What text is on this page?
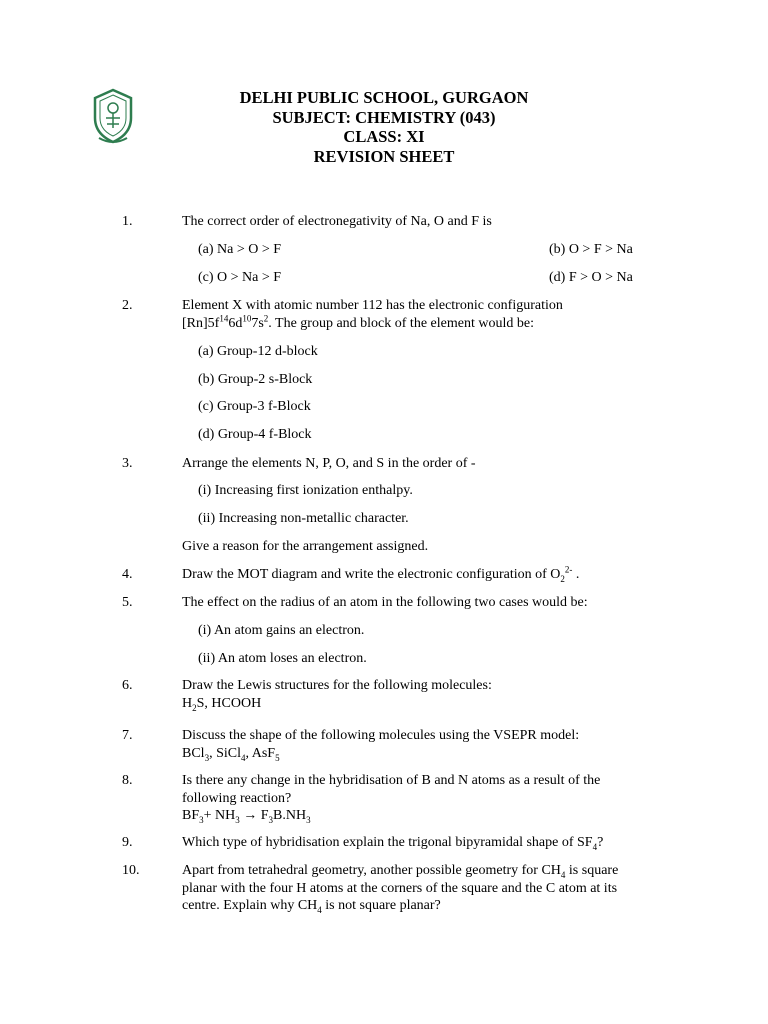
DELHI PUBLIC SCHOOL, GURGAON
SUBJECT: CHEMISTRY (043)
CLASS: XI
REVISION SHEET
1.	The correct order of electronegativity of Na, O and F is
(a) Na > O > F	(b) O > F > Na
(c) O > Na > F	(d) F > O > Na
2.	Element X with atomic number 112 has the electronic configuration
$[Rn]5f^{14}6d^{10}7s^2$. The group and block of the element would be:
(a) Group-12 d-block
(b) Group-2 s-Block
(c) Group-3 f-Block
(d) Group-4 f-Block
3.	Arrange the elements N, P, O, and S in the order of -
(i) Increasing first ionization enthalpy.
(ii) Increasing non-metallic character.
Give a reason for the arrangement assigned.
4.	Draw the MOT diagram and write the electronic configuration of $O_2^{2-}$ .
5.	The effect on the radius of an atom in the following two cases would be:
(i) An atom gains an electron.
(ii) An atom loses an electron.
6.	Draw the Lewis structures for the following molecules:
$H_2S$, HCOOH
7.	Discuss the shape of the following molecules using the VSEPR model:
BCl$_3$, SiCl$_4$, AsF$_5$
8.	Is there any change in the hybridisation of B and N atoms as a result of the
following reaction?
$BF_3+ NH_3 \to F_3B.NH_3$
9.	Which type of hybridisation explain the trigonal bipyramidal shape of $SF_4$?
10.	Apart from tetrahedral geometry, another possible geometry for $CH_4$ is square
planar with the four H atoms at the corners of the square and the C atom at its
centre. Explain why $CH_4$ is not square planar?
